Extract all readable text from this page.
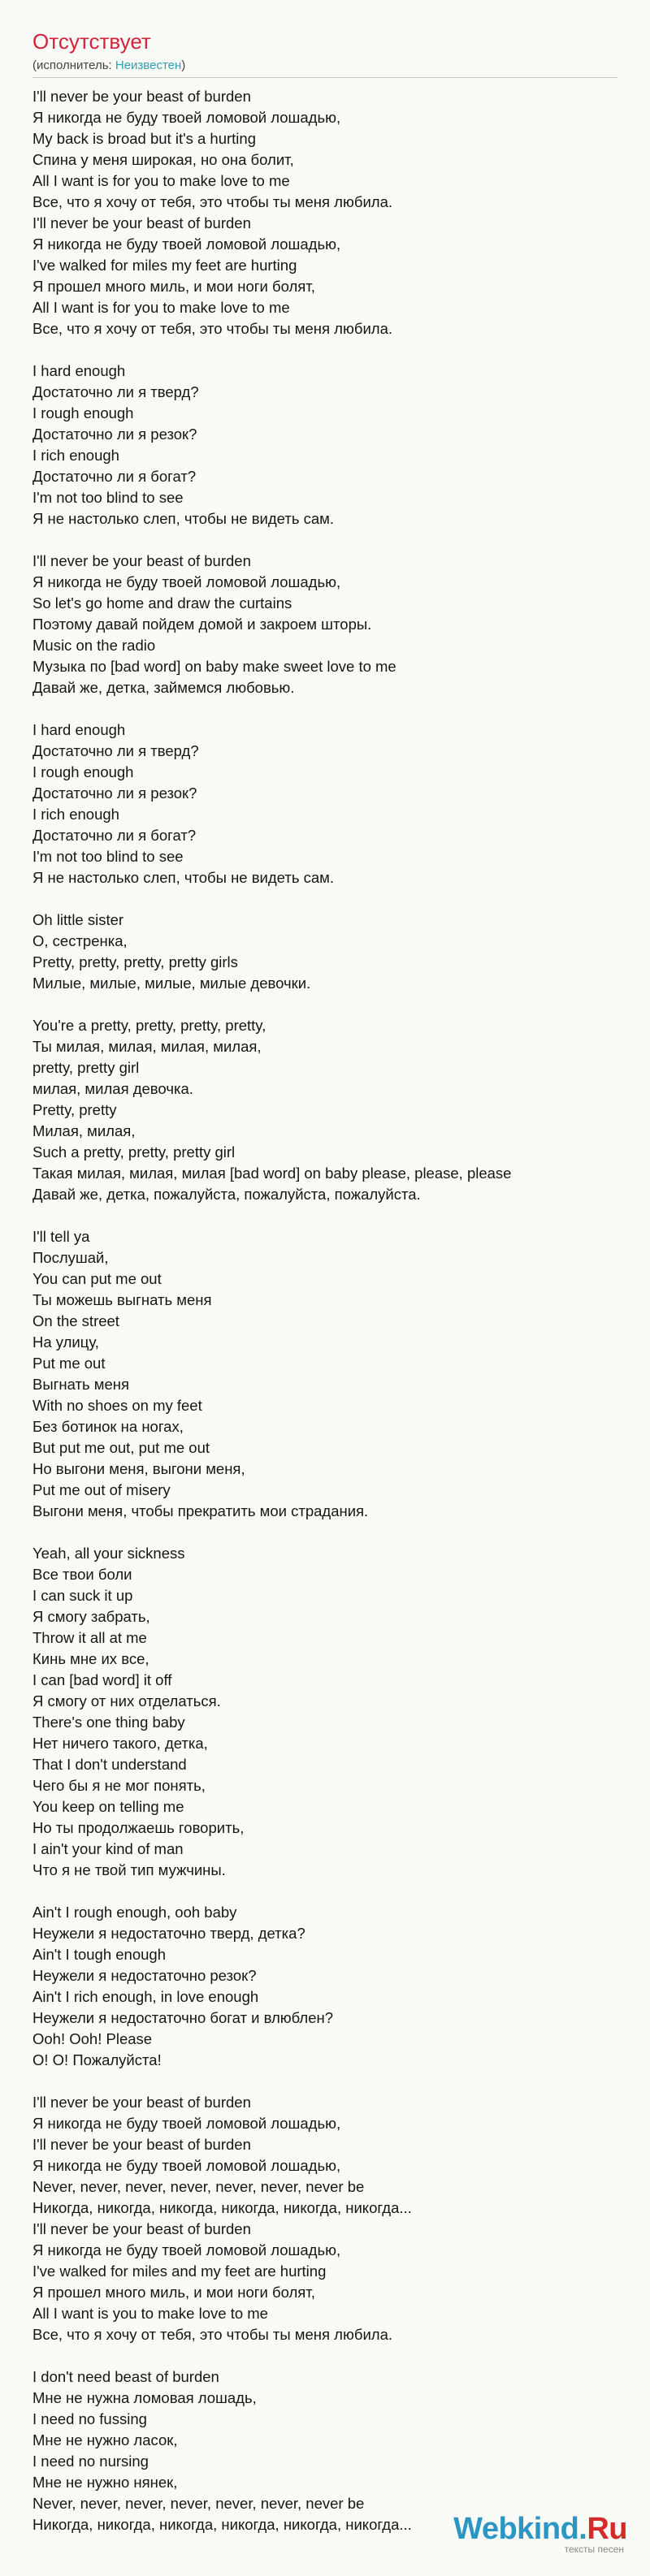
Отсутствует
(исполнитель: Неизвестен)
I'll never be your beast of burden
Я никогда не буду твоей ломовой лошадью,
My back is broad but it's a hurting
Спина у меня широкая, но она болит,
All I want is for you to make love to me
Все, что я хочу от тебя, это чтобы ты меня любила.
I'll never be your beast of burden
Я никогда не буду твоей ломовой лошадью,
I've walked for miles my feet are hurting
Я прошел много миль, и мои ноги болят,
All I want is for you to make love to me
Все, что я хочу от тебя, это чтобы ты меня любила.
I hard enough
Достаточно ли я тверд?
I rough enough
Достаточно ли я резок?
I rich enough
Достаточно ли я богат?
I'm not too blind to see
Я не настолько слеп, чтобы не видеть сам.
I'll never be your beast of burden
Я никогда не буду твоей ломовой лошадью,
So let's go home and draw the curtains
Поэтому давай пойдем домой и закроем шторы.
Music on the radio
Музыка по [bad word] on baby make sweet love to me
Давай же, детка, займемся любовью.
I hard enough
Достаточно ли я тверд?
I rough enough
Достаточно ли я резок?
I rich enough
Достаточно ли я богат?
I'm not too blind to see
Я не настолько слеп, чтобы не видеть сам.
Oh little sister
О, сестренка,
Pretty, pretty, pretty, pretty girls
Милые, милые, милые, милые девочки.
You're a pretty, pretty, pretty, pretty,
Ты милая, милая, милая, милая,
pretty, pretty girl
милая, милая девочка.
Pretty, pretty
Милая, милая,
Such a pretty, pretty, pretty girl
Такая милая, милая, милая [bad word] on baby please, please, please
Давай же, детка, пожалуйста, пожалуйста, пожалуйста.
I'll tell ya
Послушай,
You can put me out
Ты можешь выгнать меня
On the street
На улицу,
Put me out
Выгнать меня
With no shoes on my feet
Без ботинок на ногах,
But put me out, put me out
Но выгони меня, выгони меня,
Put me out of misery
Выгони меня, чтобы прекратить мои страдания.
Yeah, all your sickness
Все твои боли
I can suck it up
Я смогу забрать,
Throw it all at me
Кинь мне их все,
I can [bad word] it off
Я смогу от них отделаться.
There's one thing baby
Нет ничего такого, детка,
That I don't understand
Чего бы я не мог понять,
You keep on telling me
Но ты продолжаешь говорить,
I ain't your kind of man
Что я не твой тип мужчины.
Ain't I rough enough, ooh baby
Неужели я недостаточно тверд, детка?
Ain't I tough enough
Неужели я недостаточно резок?
Ain't I rich enough, in love enough
Неужели я недостаточно богат и влюблен?
Ooh! Ooh! Please
О! О! Пожалуйста!
I'll never be your beast of burden
Я никогда не буду твоей ломовой лошадью,
I'll never be your beast of burden
Я никогда не буду твоей ломовой лошадью,
Never, never, never, never, never, never, never be
Никогда, никогда, никогда, никогда, никогда, никогда...
I'll never be your beast of burden
Я никогда не буду твоей ломовой лошадью,
I've walked for miles and my feet are hurting
Я прошел много миль, и мои ноги болят,
All I want is you to make love to me
Все, что я хочу от тебя, это чтобы ты меня любила.
I don't need beast of burden
Мне не нужна ломовая лошадь,
I need no fussing
Мне не нужно ласок,
I need no nursing
Мне не нужно нянек,
Never, never, never, never, never, never, never be
Никогда, никогда, никогда, никогда, никогда, никогда...	Webkind.Ru
тексты песен
